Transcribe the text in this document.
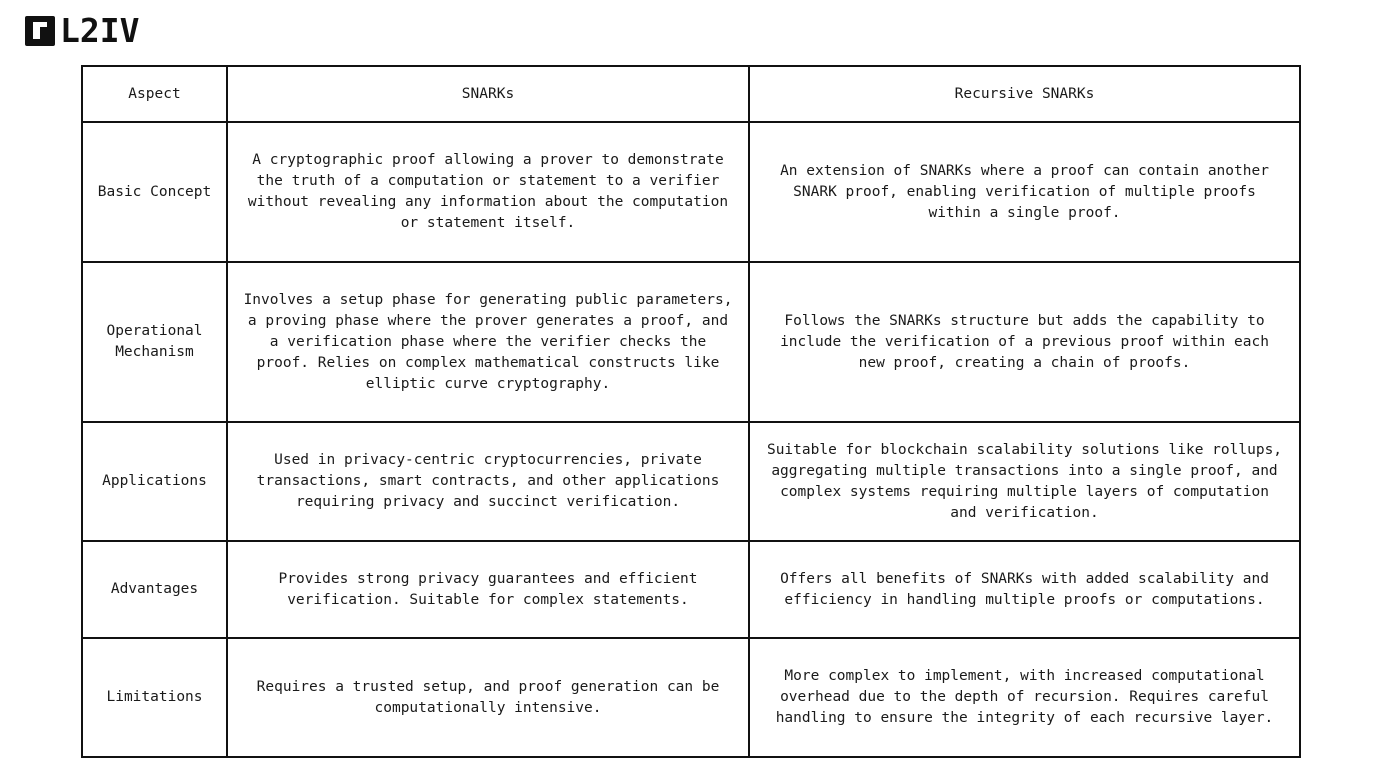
L2IV
Aspect	SNARKs	Recursive SNARKs
Basic Concept	A cryptographic proof allowing a prover to demonstrate the truth of a computation or statement to a verifier without revealing any information about the computation or statement itself.	An extension of SNARKs where a proof can contain another SNARK proof, enabling verification of multiple proofs within a single proof.
Operational Mechanism	Involves a setup phase for generating public parameters, a proving phase where the prover generates a proof, and a verification phase where the verifier checks the proof. Relies on complex mathematical constructs like elliptic curve cryptography.	Follows the SNARKs structure but adds the capability to include the verification of a previous proof within each new proof, creating a chain of proofs.
Applications	Used in privacy-centric cryptocurrencies, private transactions, smart contracts, and other applications requiring privacy and succinct verification.	Suitable for blockchain scalability solutions like rollups, aggregating multiple transactions into a single proof, and complex systems requiring multiple layers of computation and verification.
Advantages	Provides strong privacy guarantees and efficient verification. Suitable for complex statements.	Offers all benefits of SNARKs with added scalability and efficiency in handling multiple proofs or computations.
Limitations	Requires a trusted setup, and proof generation can be computationally intensive.	More complex to implement, with increased computational overhead due to the depth of recursion. Requires careful handling to ensure the integrity of each recursive layer.
